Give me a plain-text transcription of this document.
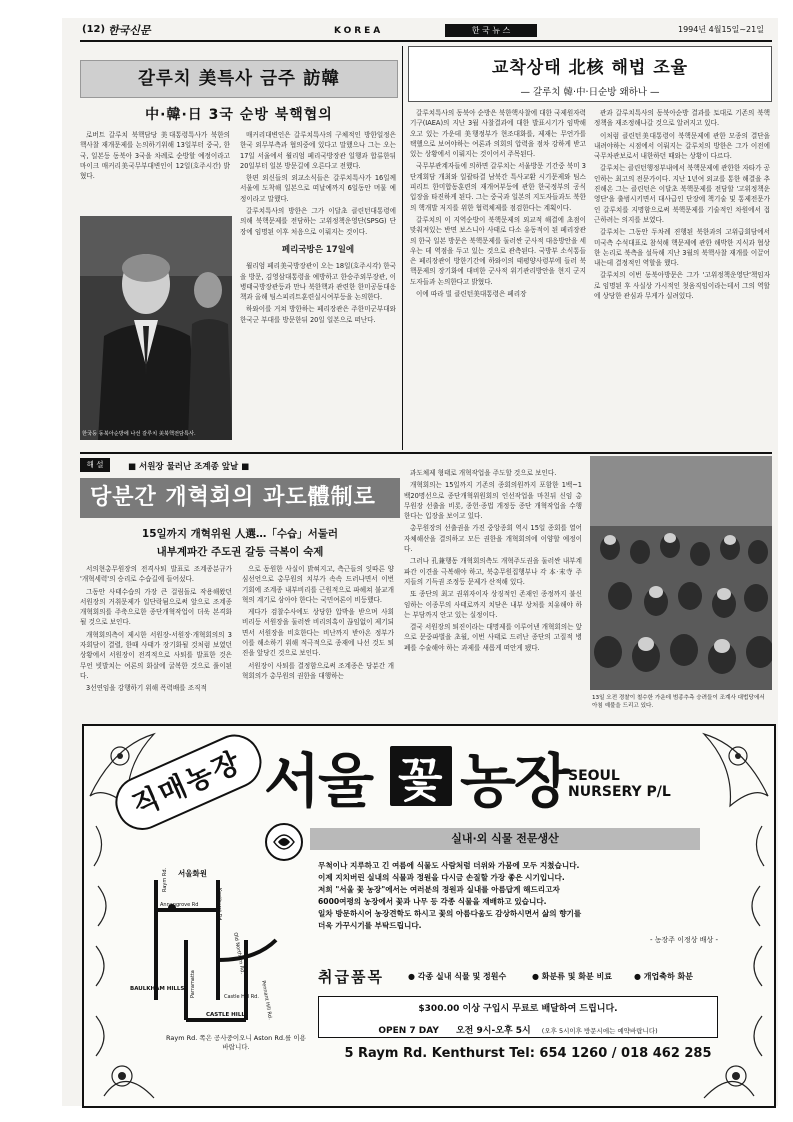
(12) 한국신문	KOREA	한 국 뉴 스	1994년 4월15일~21일
갈루치 美특사 금주 訪韓
中·韓·日 3국 순방 북핵협의

로버트 갈루치 북핵담당 美대통령특사가 북한의 핵사찰 재개문제를 논의하기위해 13일부터 중국, 한국, 일본등 동북아 3국을 차례로 순방할 예정이라고 마이크 매커리美국무부대변인이 12일(호주시간) 밝혔다.

한국등 동북아순방에 나선 갈루치 美북핵전담특사.

매커리대변인은 갈루치특사의 구체적인 방한일정은 한국 외무부측과 협의중에 있다고 말했으나 그는 오는 17일 서울에서 윌리엄 페리국방장관 일행과 합류한뒤 20일부터 일본 방문길에 오른다고 전했다.

한편 외신들의 외교소식들은 갈루치특사가 16일께 서울에 도착해 일본으로 떠날예까지 6일동안 머물 예정이라고 말했다.

갈루치특사의 방한은 그가 이달초 클린턴대통령에 의해 북핵문제를 전담하는 고위정책운영단(SPSG) 단장에 임명된 이후 처음으로 이뤄지는 것이다.

페리국방은 17일에

윌리엄 페리美국방장관이 오는 18일(호주시각) 한국을 방문, 김영삼대통령을 예방하고 한승주외무장관, 이병태국방장관등과 만나 북한핵과 관련한 한미공동대응책과 올해 팀스피리트훈련실시여부등을 논의한다.

하와이를 거쳐 방한하는 페리장관은 주한미군부대와 한국군 부대를 방문한뒤 20일 일본으로 떠난다.

교착상태 北核 해법 조율
— 갈루치 韓·中·日순방 왜하나 —

갈루치특사의 동북아 순방은 북한핵사찰에 대한 국제원자력기구(IAEA)의 지난 3월 사찰결과에 대한 발표시기가 임박해오고 있는 가운데 美행정부가 현조대화를, 제재는 무언가를 택했으로 보여야하는 여론과 의회의 압력을 점차 강하게 받고있는 상황에서 이뤄지는 것이어서 주목된다.

국무부관계자들에 의하면 갈루치는 서울방문 기간중 북미 3단계회담 개최와 일괄타결 남북간 특사교환 시기문제와 팀스피리트 한미합동훈련의 재개여부등에 관한 한국정부의 공식입장을 타진하게 된다. 그는 중국과 일본의 지도자들과도 북한의 핵개발 저지를 위한 협력체제를 점검한다는 계획이다.

갈루치의 이 지역순방이 북핵문제의 외교적 해결에 초점이 맞춰져있는 반면 보스니아 사태로 다소 유동적이 된 페리장관의 한국 일본 방문은 북핵문제를 둘러싼 군사적 대응방안을 세우는 데 역점을 두고 있는 것으로 관측된다. 국방부 소식통들은 페리장관이 방한기간에 하와이의 태평양사령부에 들러 북핵문제의 장기화에 대비한 군사적 위기관리방안을 현지 군지도자들과 논의한다고 밝혔다.

이에 따라 빌 클린턴美대통령은 페리장

관과 갈루치특사의 동북아순방 결과를 토대로 기존의 북핵정책을 재조정해나갈 것으로 알려지고 있다.

이처럼 클린턴美대통령이 북핵문제에 관한 모종의 결단을 내려야하는 시점에서 이뤄지는 갈루치의 방한은 그가 이전에 국무차관보로서 내한하던 때와는 상황이 다르다.

갈루치는 클린턴행정부내에서 북핵문제에 관한한 자타가 공인하는 최고의 전문가이다. 지난 1년여 외교를 통한 해결을 추진해온 그는 클린턴은 이달초 북핵문제를 전담할 '고위정책운영단'을 출범시키면서 대사급인 단장에 책기술 및 통제전문가인 갈루치를 지명함으로써 북핵문제를 기술적인 차원에서 접근하려는 의지를 보였다.

갈루치는 그동안 두차례 진행된 북한과의 고위급회담에서 미국측 수석대표로 참석해 핵문제에 관한 해박한 지식과 협상한 논리로 북측을 설득해 지난 3월의 북핵사찰 재개를 이끌어 내는데 결정적인 역할을 했다.

갈루치의 이번 동북아방문은 그가 '고위정책운영단'책임자로 임명된 후 사실상 가시적인 첫움직임이라는데서 그의 역할에 상당한 관심과 무게가 실려있다.

해 설	■ 서원장 물러난 조계종 앞날 ■
당분간 개혁회의 과도體制로
15일까지 개혁위원 人選…「수습」서둘러
내부계파간 주도권 갈등 극복이 숙제

서의현총무원장의 전격사퇴 발표로 조계종분규가 '개혁세력'의 승리로 수습길에 들어섰다.

그동안 사태수습의 가장 큰 걸림돌로 작용해왔던 서원장의 거취문제가 일단락됨으로써 앞으로 조계종 개혁회의를 주축으로한 종단개혁작업이 더욱 본격화될 것으로 보인다.

개혁회의측이 제시한 서원장-서원장·개혁회의의 3자회담이 결렬, 한때 사태가 장기화될 것처럼 보였던 상황에서 서원장이 전격적으로 사퇴를 발표한 것은 무언 빗발치는 여론의 화살에 굴복한 것으로 풀이된다.

3선연임을 강행하기 위해 폭력배를 조직적

으로 동원한 사실이 밝혀지고, 측근들의 잇따른 양심선언으로 총무원의 치부가 속속 드러나면서 이번 기회에 조계종 내부비리를 근원적으로 파헤쳐 불교개혁의 계기로 삼아야 한다는 국민여론이 비등했다.

게다가 검찰수사에도 상당한 압박을 받으며 사회 비리등 서원장을 둘러싼 비리의혹이 끊임없이 제기되면서 서원장을 비호한다는 비난까지 받아온 정부가 이를 해소하기 위해 적극적으로 종재에 나선 것도 퇴진을 앞당긴 것으로 보인다.

서원장이 사퇴를 결정함으로써 조계종은 당분간 개혁회의가 총무원의 권한을 대행하는

과도체제 형태로 개혁작업을 주도할 것으로 보인다.

개혁회의는 15일까지 기존의 종회의원까지 포함한 1백~1백20명선으로 종단개혁위원회의 인선작업을 마친뒤 신임 총무원장 선출을 비롯, 종헌·종법 개정등 종단 개혁작업을 수행한다는 입장을 보이고 있다.

총무원장의 선출권을 가진 중앙종회 역시 15일 종회를 열어 자체해산을 결의하고 모든 권한을 개혁회의에 이양할 예정이다.

그러나 孔兼행동 개혁회의측도 개혁주도권을 둘러싼 내부계파간 이견을 극복해야 하고, 북총무원집행부나 각 本·末寺 주지들의 기득권 조정등 문제가 산적해 있다.

또 종단의 최고 권위자이자 상징적인 존재인 종정까지 불신임하는 이종무의 사태로까지 치닫은 내부 상처를 치유해야 하는 부담까지 안고 있는 실정이다.

결국 서원장의 퇴진이라는 대명제를 이루어낸 개혁회의는 앞으로 문중파벌을 초월, 이번 사태로 드러난 종단의 고질적 병폐를 수술해야 하는 과제를 새롭게 떠안게 됐다.

13일 오전 경찰이 철수한 가운데 범종추측 승려들이 조계사 대법당에서 아침 예불을 드리고 있다.
직매농장 서울 꽃 농장 SEOUL
NURSERY P/L
실내·외 식물 전문생산
서울화원
BAULKHAM HILLS
CASTLE HILL
Annangrove Rd
Old Northern Rd.
Pennant Hill Rd.
Castle Hill Rd.
Raym Rd.
Kenthurst Rd.
Parramatta
Raym Rd. 쪽은 공사중이오니 Aston Rd.를 이용바랍니다.
무척이나 지루하고 긴 여름에 식물도 사람처럼 더위와 가뭄에 모두 지쳤습니다.
이제 지치버린 실내의 식물과 정원을 다시금 손질할 가장 좋은 시기입니다.
저희 "서울 꽃 농장"에서는 여러분의 정원과 실내를 아름답게 해드리고자
6000여평의 농장에서 꽃과 나무 등 각종 식물을 재배하고 있습니다.
일차 방문하시어 농장견학도 하시고 꽃의 아름다움도 감상하시면서 삶의 향기를
더욱 가꾸시기를 부탁드립니다.
- 농장주 이정상 배상 -
취급품목	● 각종 실내 식물 및 정원수	● 화분류 및 화분 비료	● 개업축하 화분
$300.00 이상 구입시 무료로 배달하여 드립니다.
OPEN 7 DAY 오전 9시-오후 5시 (오후 5시이후 방문시에는 예약바랍니다)
5 Raym Rd. Kenthurst Tel: 654 1260 / 018 462 285
